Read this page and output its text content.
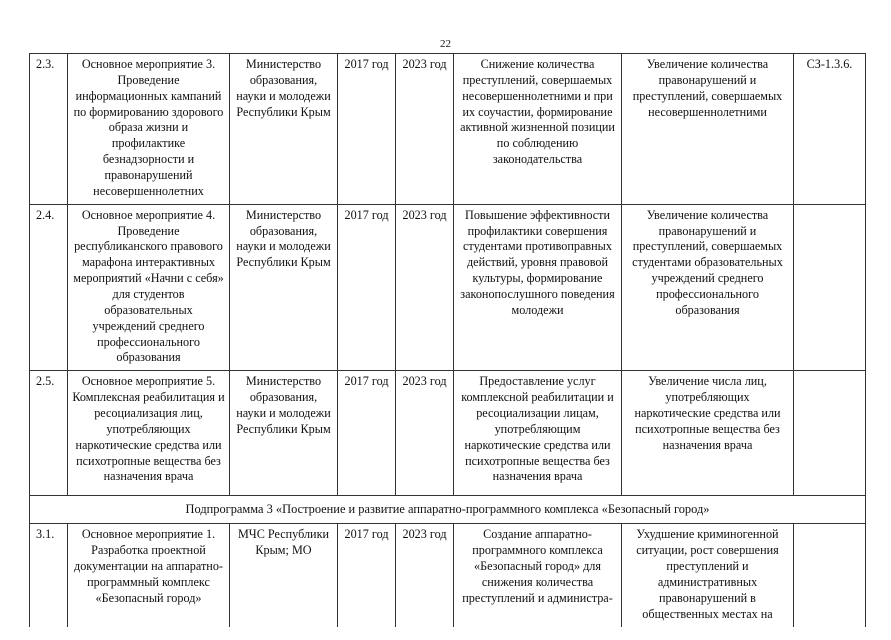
22
2.3.	Основное мероприятие 3. Проведение информационных кампаний по формированию здорового образа жизни и профилактике безнадзорности и правонарушений несовершеннолетних	Министерство образования, науки и молодежи Республики Крым	2017 год	2023 год	Снижение количества преступлений, совершаемых несовершеннолетними и при их соучастии, формирование активной жизненной позиции по соблюдению законодательства	Увеличение количества правонарушений и преступлений, совершаемых несовершеннолетними	СЗ-1.3.6.
2.4.	Основное мероприятие 4. Проведение республиканского правового марафона интерактивных мероприятий «Начни с себя» для студентов образовательных учреждений среднего профессионального образования	Министерство образования, науки и молодежи Республики Крым	2017 год	2023 год	Повышение эффективности профилактики совершения студентами противоправных действий, уровня правовой культуры, формирование законопослушного поведения молодежи	Увеличение количества правонарушений и преступлений, совершаемых студентами образовательных учреждений среднего профессионального образования	
2.5.	Основное мероприятие 5. Комплексная реабилитация и ресоциализация лиц, употребляющих наркотические средства или психотропные вещества без назначения врача	Министерство образования, науки и молодежи Республики Крым	2017 год	2023 год	Предоставление услуг комплексной реабилитации и ресоциализации лицам, употребляющим наркотические средства или психотропные вещества без назначения врача	Увеличение числа лиц, употребляющих наркотические средства или психотропные вещества без назначения врача	
Подпрограмма 3 «Построение и развитие аппаратно-программного комплекса «Безопасный город»							
3.1.	Основное мероприятие 1. Разработка проектной документации на аппаратно-программный комплекс «Безопасный город»	МЧС Республики Крым; МО	2017 год	2023 год	Создание аппаратно-программного комплекса «Безопасный город» для снижения количества преступлений и администра-	Ухудшение криминогенной ситуации, рост совершения преступлений и административных правонарушений в общественных местах на	
